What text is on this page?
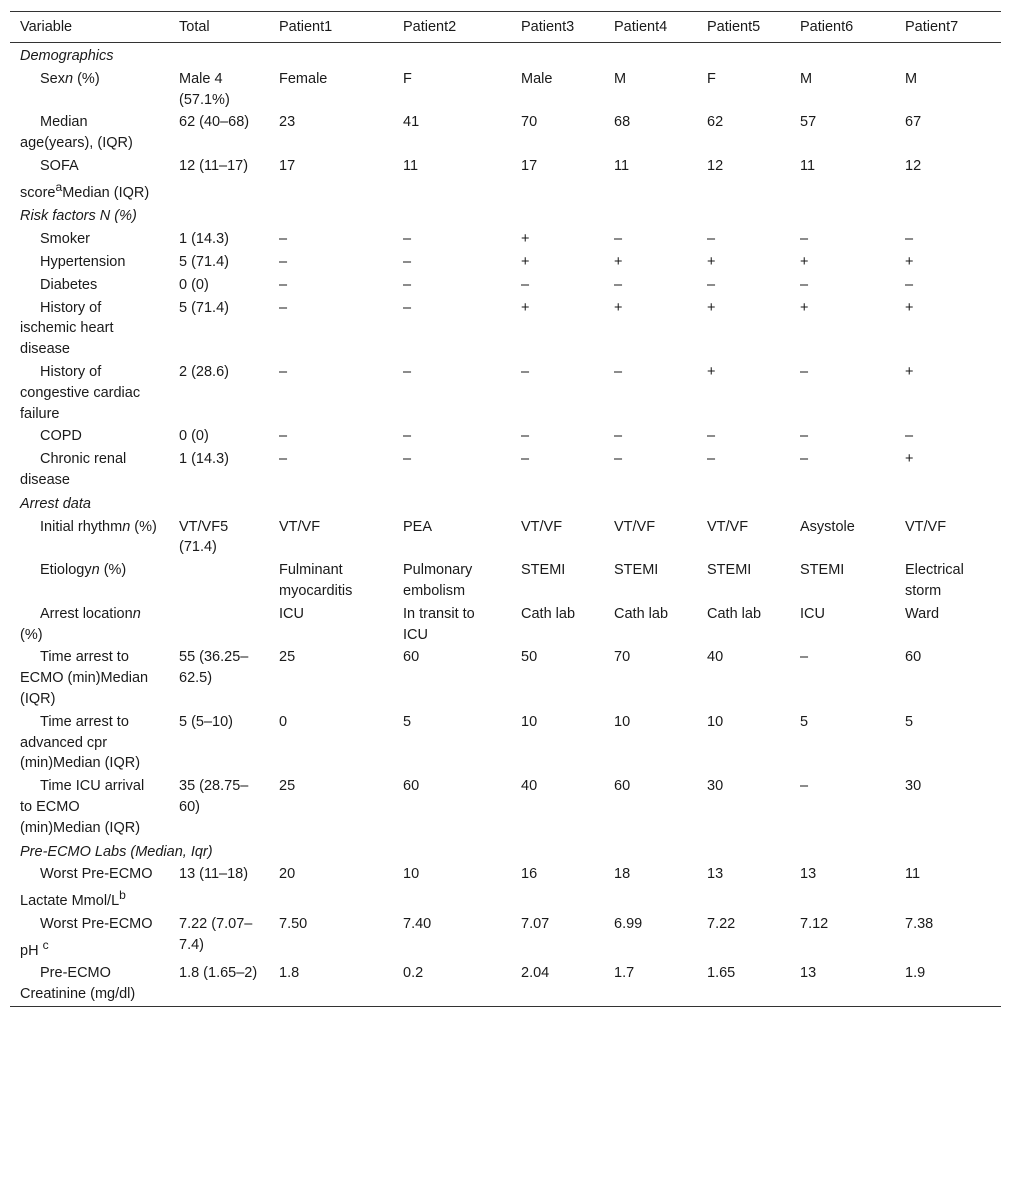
Variable	Total	Patient1	Patient2	Patient3	Patient4	Patient5	Patient6	Patient7
Demographics								
Sexn (%)	Male 4 (57.1%)	Female	F	Male	M	F	M	M
Median age(years), (IQR)	62 (40–68)	23	41	70	68	62	57	67
SOFA score$^a$Median (IQR)	12 (11–17)	17	11	17	11	12	11	12
Risk factors N (%)								
Smoker	1 (14.3)	–	–	+	–	–	–	–
Hypertension	5 (71.4)	–	–	+	+	+	+	+
Diabetes	0 (0)	–	–	–	–	–	–	–
History of ischemic heart disease	5 (71.4)	–	–	+	+	+	+	+
History of congestive cardiac failure	2 (28.6)	–	–	–	–	+	–	+
COPD	0 (0)	–	–	–	–	–	–	–
Chronic renal disease	1 (14.3)	–	–	–	–	–	–	+
Arrest data								
Initial rhythmn (%)	VT/VF5 (71.4)	VT/VF	PEA	VT/VF	VT/VF	VT/VF	Asystole	VT/VF
Etiologyn (%)		Fulminant myocarditis	Pulmonary embolism	STEMI	STEMI	STEMI	STEMI	Electrical storm
Arrest locationn (%)		ICU	In transit to ICU	Cath lab	Cath lab	Cath lab	ICU	Ward
Time arrest to ECMO (min)Median (IQR)	55 (36.25–62.5)	25	60	50	70	40	–	60
Time arrest to advanced cpr (min)Median (IQR)	5 (5–10)	0	5	10	10	10	5	5
Time ICU arrival to ECMO (min)Median (IQR)	35 (28.75–60)	25	60	40	60	30	–	30
Pre-ECMO Labs (Median, Iqr)								
Worst Pre-ECMO Lactate Mmol/$L^b$	13 (11–18)	20	10	16	18	13	13	11
Worst Pre-ECMO pH $^c$	7.22 (7.07–7.4)	7.50	7.40	7.07	6.99	7.22	7.12	7.38
Pre-ECMO Creatinine (mg/dl)	1.8 (1.65–2)	1.8	0.2	2.04	1.7	1.65	13	1.9
